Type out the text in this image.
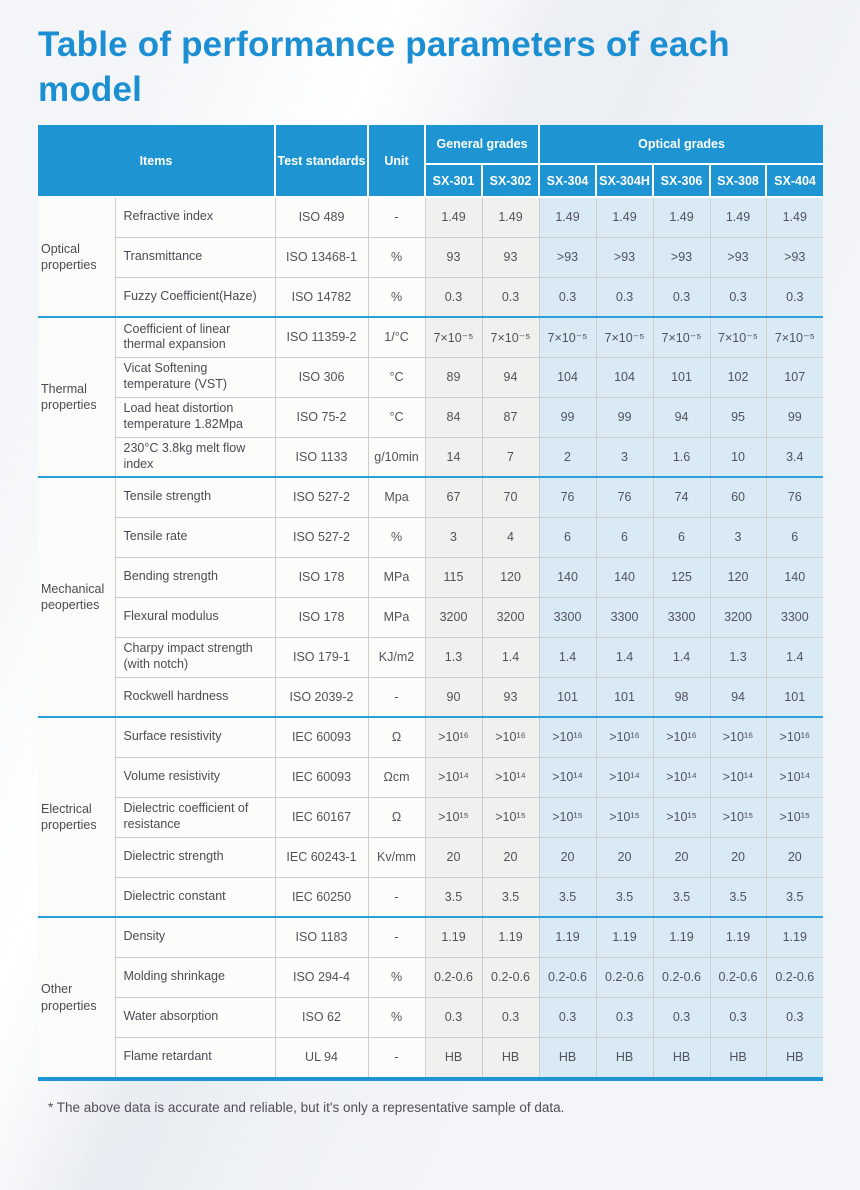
Table of performance parameters of each model
Items		Test standards	Unit	General grades		Optical grades				
				SX-301	SX-302	SX-304	SX-304H	SX-306	SX-308	SX-404
Optical properties	Refractive index	ISO 489	-	1.49	1.49	1.49	1.49	1.49	1.49	1.49
	Transmittance	ISO 13468-1	%	93	93	>93	>93	>93	>93	>93
	Fuzzy Coefficient(Haze)	ISO 14782	%	0.3	0.3	0.3	0.3	0.3	0.3	0.3
Thermal properties	Coefficient of linear thermal expansion	ISO 11359-2	1/°C	7×10⁻⁵	7×10⁻⁵	7×10⁻⁵	7×10⁻⁵	7×10⁻⁵	7×10⁻⁵	7×10⁻⁵
	Vicat Softening temperature (VST)	ISO 306	°C	89	94	104	104	101	102	107
	Load heat distortion temperature 1.82Mpa	ISO 75-2	°C	84	87	99	99	94	95	99
	230°C 3.8kg melt flow index	ISO 1133	g/10min	14	7	2	3	1.6	10	3.4
Mechanical peoperties	Tensile strength	ISO 527-2	Mpa	67	70	76	76	74	60	76
	Tensile rate	ISO 527-2	%	3	4	6	6	6	3	6
	Bending strength	ISO 178	MPa	115	120	140	140	125	120	140
	Flexural modulus	ISO 178	MPa	3200	3200	3300	3300	3300	3200	3300
	Charpy impact strength (with notch)	ISO 179-1	KJ/m2	1.3	1.4	1.4	1.4	1.4	1.3	1.4
	Rockwell hardness	ISO 2039-2	-	90	93	101	101	98	94	101
Electrical properties	Surface resistivity	IEC 60093	Ω	>10¹⁶	>10¹⁶	>10¹⁶	>10¹⁶	>10¹⁶	>10¹⁶	>10¹⁶
	Volume resistivity	IEC 60093	Ωcm	>10¹⁴	>10¹⁴	>10¹⁴	>10¹⁴	>10¹⁴	>10¹⁴	>10¹⁴
	Dielectric coefficient of resistance	IEC 60167	Ω	>10¹⁵	>10¹⁵	>10¹⁵	>10¹⁵	>10¹⁵	>10¹⁵	>10¹⁵
	Dielectric strength	IEC 60243-1	Kv/mm	20	20	20	20	20	20	20
	Dielectric constant	IEC 60250	-	3.5	3.5	3.5	3.5	3.5	3.5	3.5
Other properties	Density	ISO 1183	-	1.19	1.19	1.19	1.19	1.19	1.19	1.19
	Molding shrinkage	ISO 294-4	%	0.2-0.6	0.2-0.6	0.2-0.6	0.2-0.6	0.2-0.6	0.2-0.6	0.2-0.6
	Water absorption	ISO 62	%	0.3	0.3	0.3	0.3	0.3	0.3	0.3
	Flame retardant	UL 94	-	HB	HB	HB	HB	HB	HB	HB

* The above data is accurate and reliable, but it's only a representative sample of data.
